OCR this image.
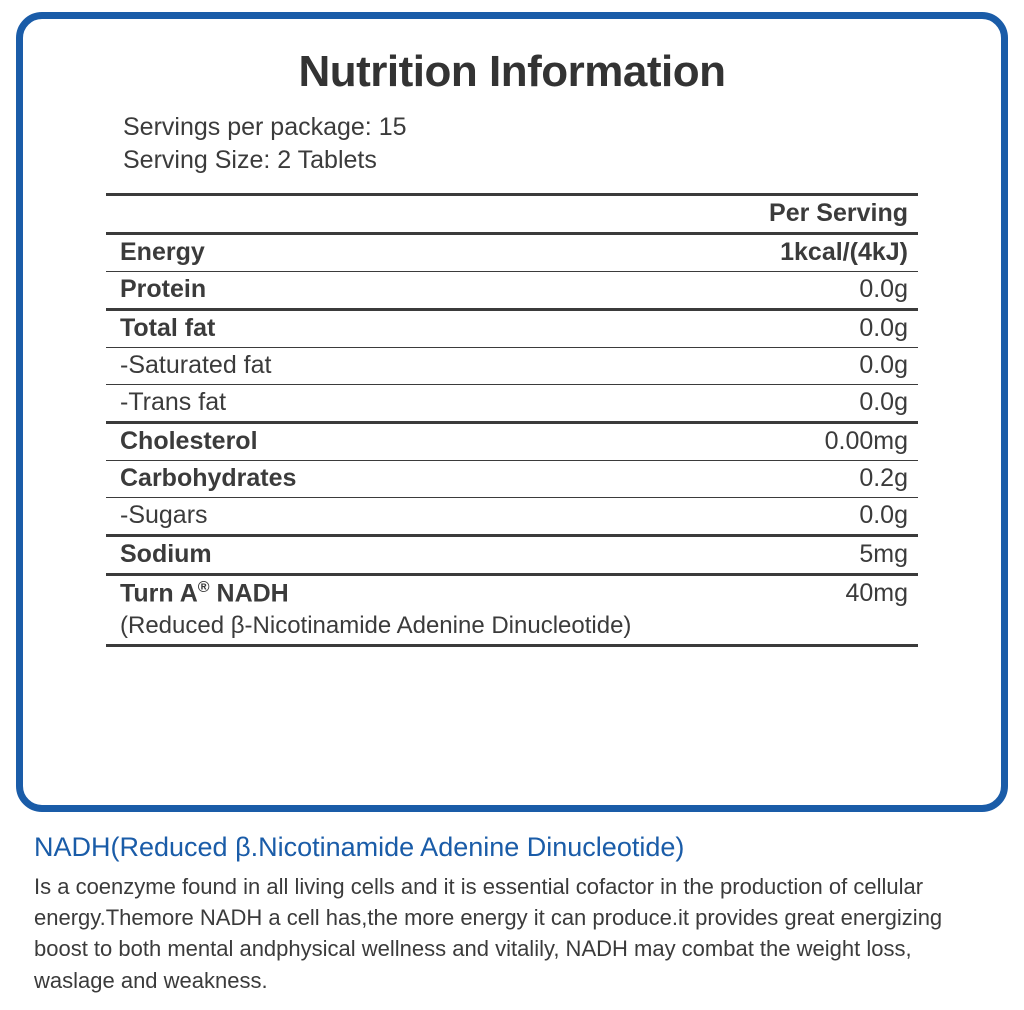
Nutrition Information
Servings per package: 15
Serving Size: 2 Tablets
	Per Serving
Energy	1kcal/(4kJ)
Protein	0.0g
Total fat	0.0g
-Saturated fat	0.0g
-Trans fat	0.0g
Cholesterol	0.00mg
Carbohydrates	0.2g
-Sugars	0.0g
Sodium	5mg
Turn A® NADH	40mg
(Reduced β-Nicotinamide Adenine Dinucleotide)	
NADH(Reduced β.Nicotinamide Adenine Dinucleotide)
Is a coenzyme found in all living cells and it is essential cofactor in the production of cellular energy.Themore NADH a cell has,the more energy it can produce.it provides great energizing boost to both mental andphysical wellness and vitalily, NADH may combat the weight loss, waslage and weakness.
